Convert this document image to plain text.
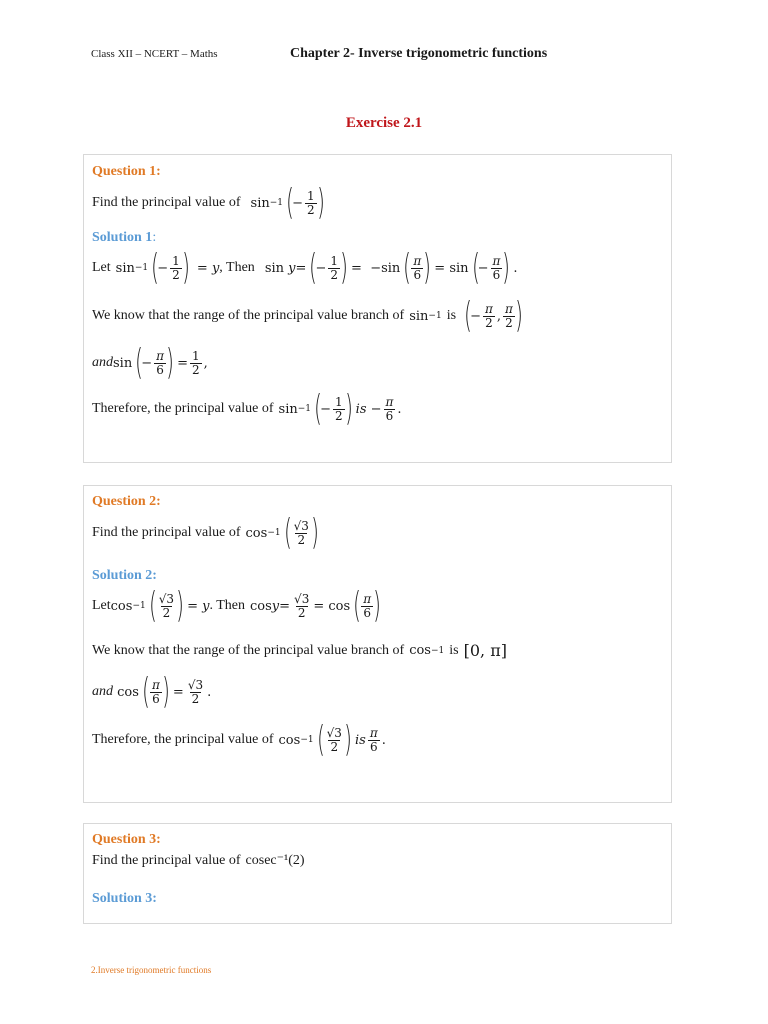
Class XII – NCERT – Maths	Chapter 2- Inverse trigonometric functions
Exercise 2.1
Question 1:
Find the principal value of sin −1 (
− $\frac{1}{2}$ )
Solution 1:
Let sin −1 (
− $\frac{1}{2}$ ) = y , Then sin y = (
− $\frac{1}{2}$ ) =  −sin ( $\frac{\pi}{6}$ ) = sin (
− $\frac{\pi}{6}$ ) .
We know that the range of the principal value branch of sin −1 is (
− $\frac{\pi}{2}$ , $\frac{\pi}{2}$ )
and sin (
− $\frac{\pi}{6}$ ) = $\frac{1}{2}$ ,
Therefore, the principal value of sin −1 (
− $\frac{1}{2}$ ) is − $\frac{\pi}{6}$ .
Question 2:
Find the principal value of cos −1 ( $\frac{√3}{2}$ )
Solution 2:
Let cos −1 ( $\frac{√3}{2}$ ) = y . Then $\cos y = \frac{√3}{2} = \cos$ ( $\frac{\pi}{6}$ )
We know that the range of the principal value branch of cos −1 is [0, π]
and cos ( $\frac{\pi}{6}$ ) = $\frac{√3}{2}$ .
Therefore, the principal value of cos −1 ( $\frac{√3}{2}$ ) is $\frac{\pi}{6}$ .
Question 3:
Find the principal value of cosec⁻¹(2)
Solution 3:
2.Inverse trigonometric functions
